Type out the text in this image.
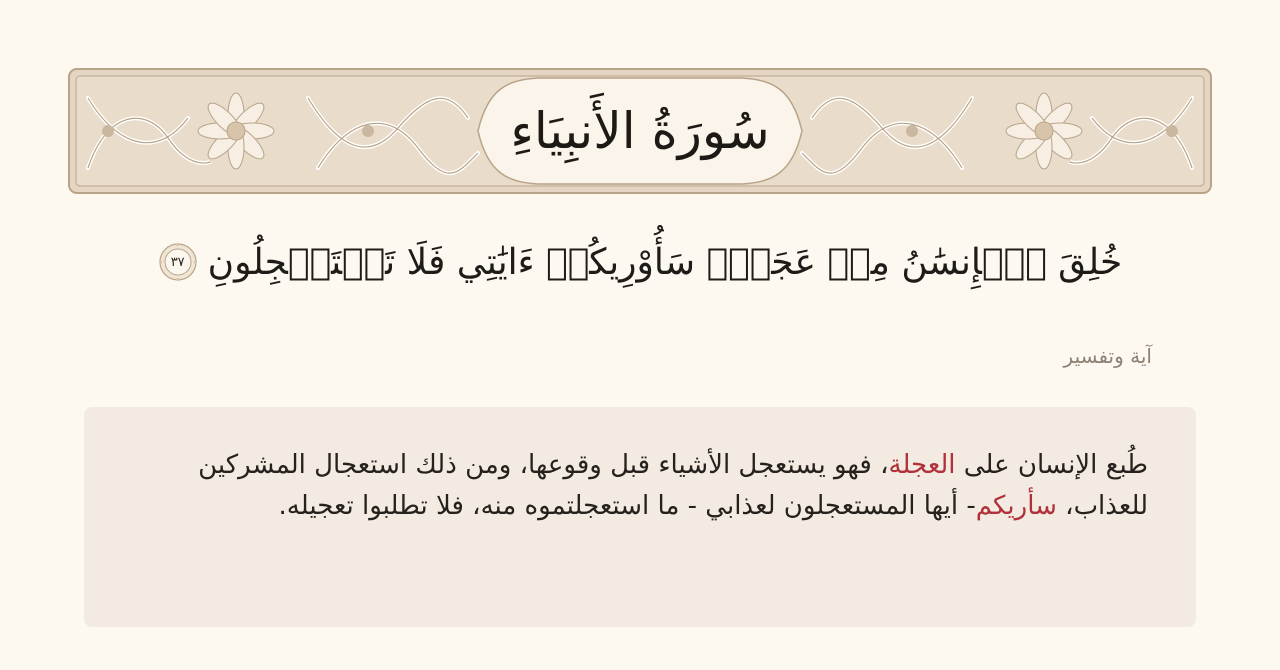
سُورَةُ الأَنبِيَاءِ
خُلِقَ ٱلۡإِنسَٰنُ مِنۡ عَجَلٖۚ سَأُوْرِيكُمۡ ءَايَٰتِي فَلَا تَسۡتَعۡجِلُونِ
٣٧
آية وتفسير
طُبع الإنسان على العجلة، فهو يستعجل الأشياء قبل وقوعها، ومن ذلك استعجال المشركين للعذاب، سأريكم- أيها المستعجلون لعذابي - ما استعجلتموه منه، فلا تطلبوا تعجيله.
